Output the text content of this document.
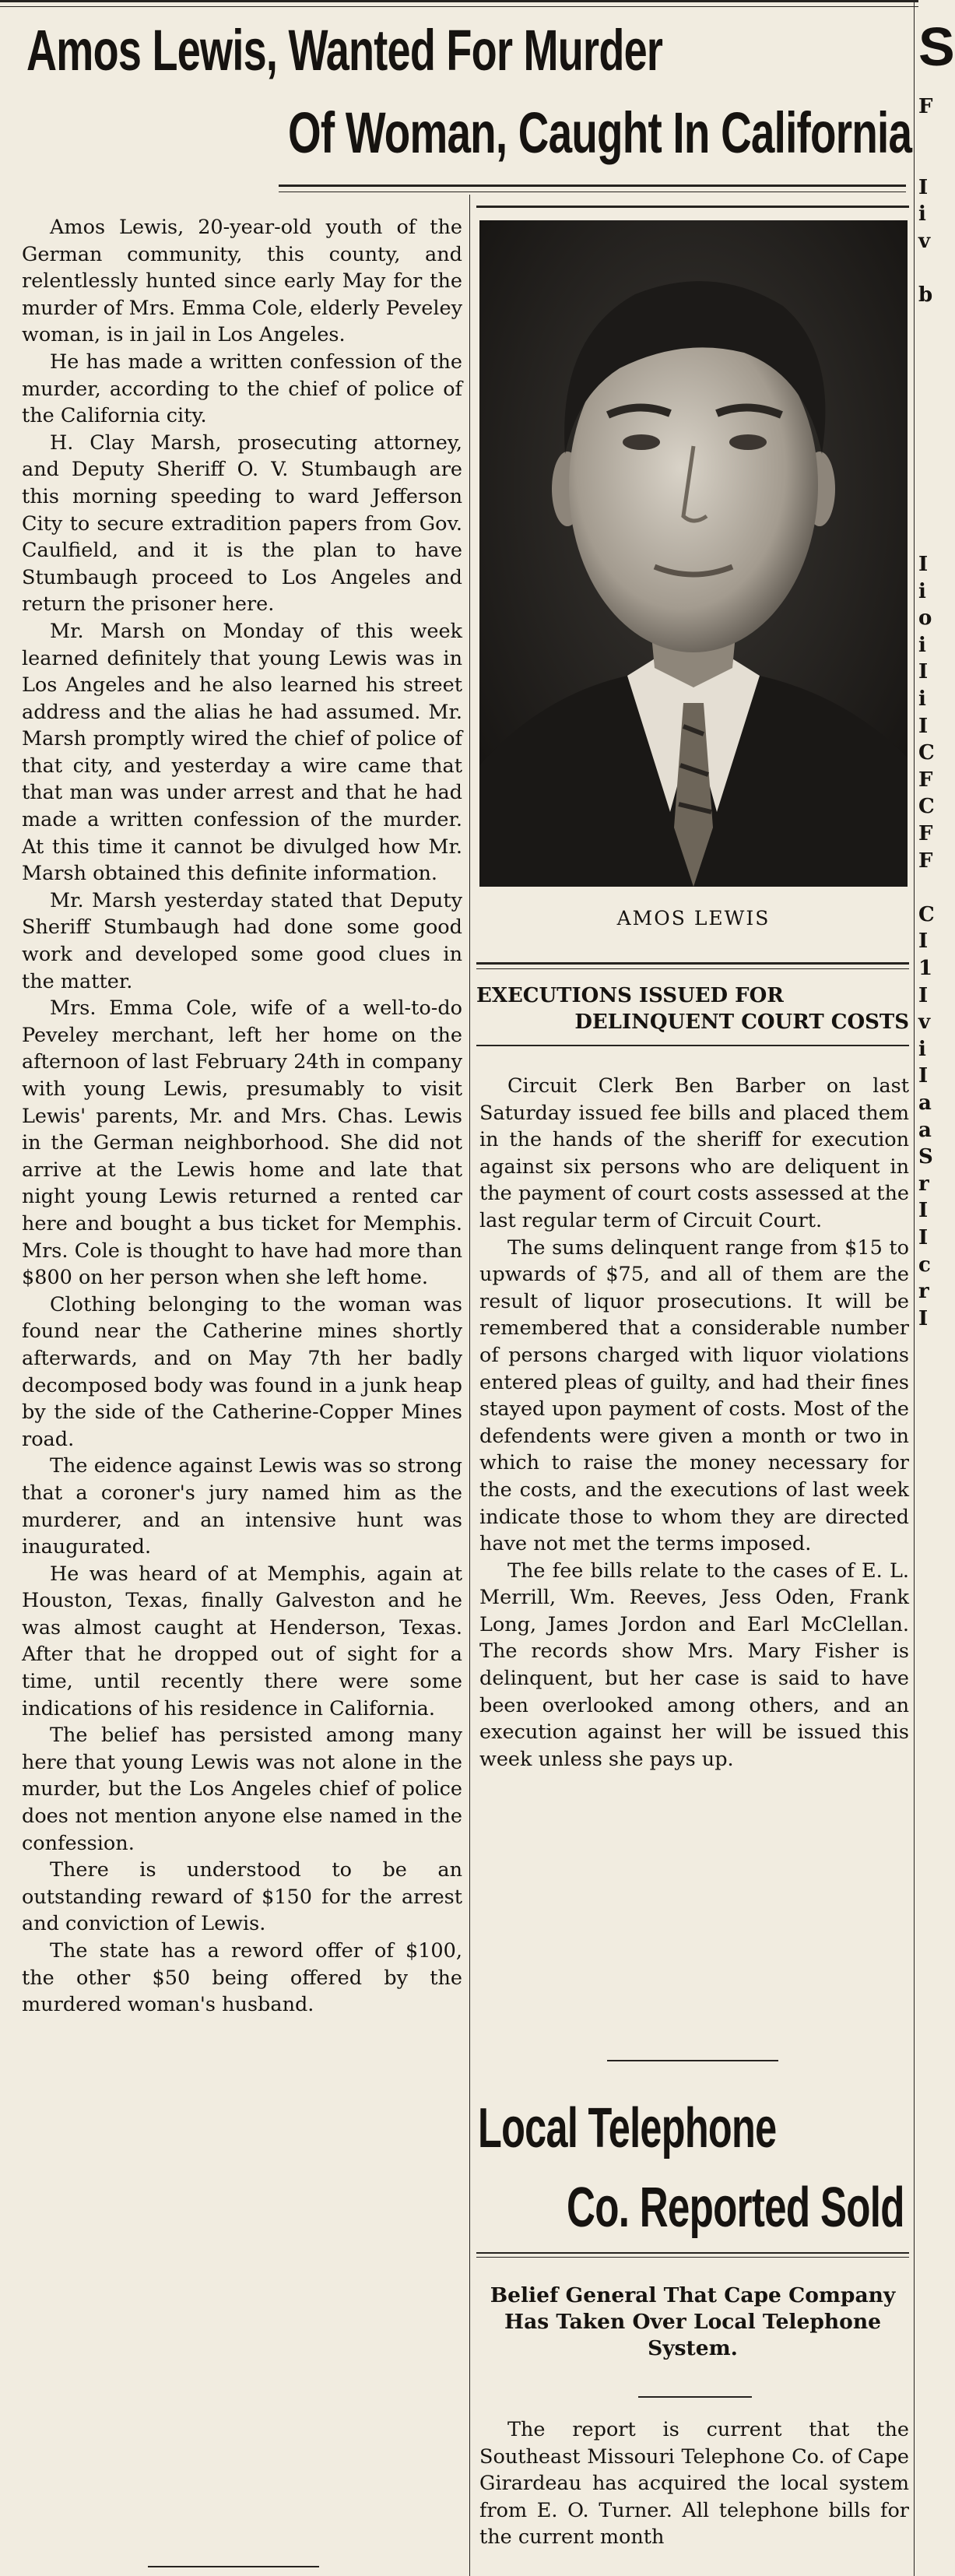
Amos Lewis, Wanted For Murder
Of Woman, Caught In California

Amos Lewis, 20-year-old youth of the German community, this county, and relentlessly hunted since early May for the murder of Mrs. Emma Cole, elderly Peveley woman, is in jail in Los Angeles.

He has made a written confession of the murder, according to the chief of police of the California city.

H. Clay Marsh, prosecuting attorney, and Deputy Sheriff O. V. Stumbaugh are this morning speeding to ward Jefferson City to secure extradition papers from Gov. Caulfield, and it is the plan to have Stumbaugh proceed to Los Angeles and return the prisoner here.

Mr. Marsh on Monday of this week learned definitely that young Lewis was in Los Angeles and he also learned his street address and the alias he had assumed. Mr. Marsh promptly wired the chief of police of that city, and yesterday a wire came that that man was under arrest and that he had made a written confession of the murder. At this time it cannot be divulged how Mr. Marsh obtained this definite information.

Mr. Marsh yesterday stated that Deputy Sheriff Stumbaugh had done some good work and developed some good clues in the matter.

Mrs. Emma Cole, wife of a well-to-do Peveley merchant, left her home on the afternoon of last February 24th in company with young Lewis, presumably to visit Lewis' parents, Mr. and Mrs. Chas. Lewis in the German neighborhood. She did not arrive at the Lewis home and late that night young Lewis returned a rented car here and bought a bus ticket for Memphis. Mrs. Cole is thought to have had more than $800 on her person when she left home.

Clothing belonging to the woman was found near the Catherine mines shortly afterwards, and on May 7th her badly decomposed body was found in a junk heap by the side of the Catherine-Copper Mines road.

The eidence against Lewis was so strong that a coroner's jury named him as the murderer, and an intensive hunt was inaugurated.

He was heard of at Memphis, again at Houston, Texas, finally Galveston and he was almost caught at Henderson, Texas. After that he dropped out of sight for a time, until recently there were some indications of his residence in California.

The belief has persisted among many here that young Lewis was not alone in the murder, but the Los Angeles chief of police does not mention anyone else named in the confession.

There is understood to be an outstanding reward of $150 for the arrest and conviction of Lewis.

The state has a reword offer of $100, the other $50 being offered by the murdered woman's husband.

AMOS LEWIS
EXECUTIONS ISSUED FOR
DELINQUENT COURT COSTS

Circuit Clerk Ben Barber on last Saturday issued fee bills and placed them in the hands of the sheriff for execution against six persons who are deliquent in the payment of court costs assessed at the last regular term of Circuit Court.

The sums delinquent range from $15 to upwards of $75, and all of them are the result of liquor prosecutions. It will be remembered that a considerable number of persons charged with liquor violations entered pleas of guilty, and had their fines stayed upon payment of costs. Most of the defendents were given a month or two in which to raise the money necessary for the costs, and the executions of last week indicate those to whom they are directed have not met the terms imposed.

The fee bills relate to the cases of E. L. Merrill, Wm. Reeves, Jess Oden, Frank Long, James Jordon and Earl McClellan. The records show Mrs. Mary Fisher is delinquent, but her case is said to have been overlooked among others, and an execution against her will be issued this week unless she pays up.

Local Telephone
Co. Reported Sold
Belief General That Cape Company Has Taken Over Local Telephone System.

The report is current that the Southeast Missouri Telephone Co. of Cape Girardeau has acquired the local system from E. O. Turner. All telephone bills for the current month

S
F

I
i
v

b

I
i
o
i
I
i
I
C
F
C
F
F

C
I
1
I
v
i
I
a
a
S
r
I
I
c
r
I
